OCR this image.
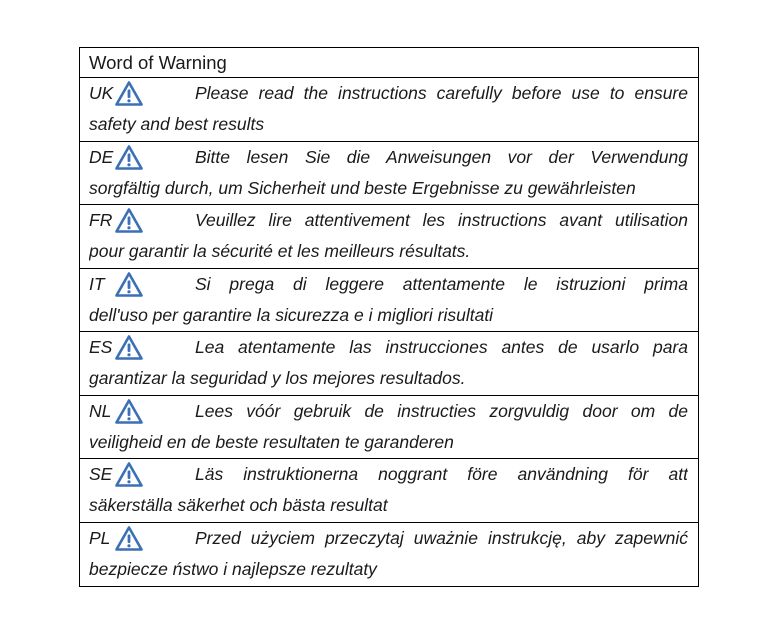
Word of Warning
UK	Please read the instructions carefully before use to ensure
safety and best results
DE	Bitte lesen Sie die Anweisungen vor der Verwendung
sorgfältig durch, um Sicherheit und beste Ergebnisse zu gewährleisten
FR	Veuillez lire attentivement les instructions avant utilisation
pour garantir la sécurité et les meilleurs résultats.
IT	Si prega di leggere attentamente le istruzioni prima
dell'uso per garantire la sicurezza e i migliori risultati
ES	Lea atentamente las instrucciones antes de usarlo para
garantizar la seguridad y los mejores resultados.
NL	Lees vóór gebruik de instructies zorgvuldig door om de
veiligheid en de beste resultaten te garanderen
SE	Läs instruktionerna noggrant före användning för att
säkerställa säkerhet och bästa resultat
PL	Przed użyciem przeczytaj uważnie instrukcję, aby zapewnić
bezpiecze ństwo i najlepsze rezultaty
